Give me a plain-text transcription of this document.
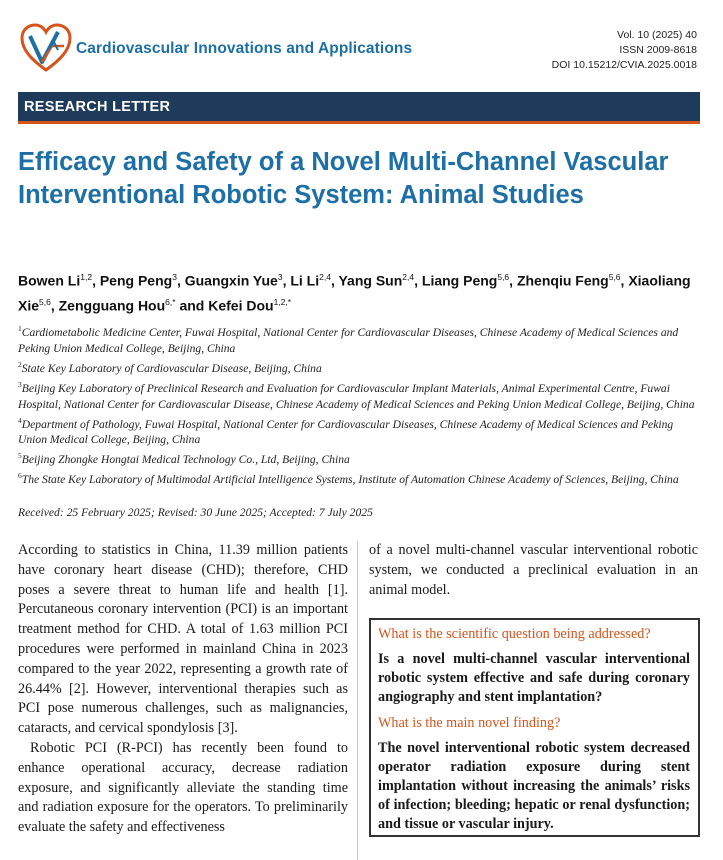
Cardiovascular Innovations and Applications
Vol. 10 (2025) 40
ISSN 2009-8618
DOI 10.15212/CVIA.2025.0018
RESEARCH LETTER
Efficacy and Safety of a Novel Multi-Channel Vascular Interventional Robotic System: Animal Studies
Bowen Li$^{1,2}$, Peng Peng$^3$, Guangxin Yue$^3$, Li Li$^{2,4}$, Yang Sun$^{2,4}$, Liang Peng$^{5,6}$, Zhenqiu Feng$^{5,6}$, Xiaoliang Xie$^{5,6}$, Zengguang Hou$^{6,*}$ and Kefei Dou$^{1,2,*}$
$^1$Cardiometabolic Medicine Center, Fuwai Hospital, National Center for Cardiovascular Diseases, Chinese Academy of Medical Sciences and Peking Union Medical College, Beijing, China
$^2$State Key Laboratory of Cardiovascular Disease, Beijing, China
$^3$Beijing Key Laboratory of Preclinical Research and Evaluation for Cardiovascular Implant Materials, Animal Experimental Centre, Fuwai Hospital, National Center for Cardiovascular Disease, Chinese Academy of Medical Sciences and Peking Union Medical College, Beijing, China
$^4$Department of Pathology, Fuwai Hospital, National Center for Cardiovascular Diseases, Chinese Academy of Medical Sciences and Peking Union Medical College, Beijing, China
$^5$Beijing Zhongke Hongtai Medical Technology Co., Ltd, Beijing, China
$^6$The State Key Laboratory of Multimodal Artificial Intelligence Systems, Institute of Automation Chinese Academy of Sciences, Beijing, China
Received: 25 February 2025; Revised: 30 June 2025; Accepted: 7 July 2025

According to statistics in China, 11.39 million patients have coronary heart disease (CHD); therefore, CHD poses a severe threat to human life and health [1]. Percutaneous coronary intervention (PCI) is an important treatment method for CHD. A total of 1.63 million PCI procedures were performed in mainland China in 2023 compared to the year 2022, representing a growth rate of 26.44% [2]. However, interventional therapies such as PCI pose numerous challenges, such as malignancies, cataracts, and cervical spondylosis [3].

Robotic PCI (R-PCI) has recently been found to enhance operational accuracy, decrease radiation exposure, and significantly alleviate the standing time and radiation exposure for the operators. To preliminarily evaluate the safety and effectiveness

of a novel multi-channel vascular interventional robotic system, we conducted a preclinical evaluation in an animal model.

What is the scientific question being addressed?
Is a novel multi-channel vascular interventional robotic system effective and safe during coronary angiography and stent implantation?
What is the main novel finding?
The novel interventional robotic system decreased operator radiation exposure during stent implantation without increasing the animals’ risks of infection; bleeding; hepatic or renal dysfunction; and tissue or vascular injury.
